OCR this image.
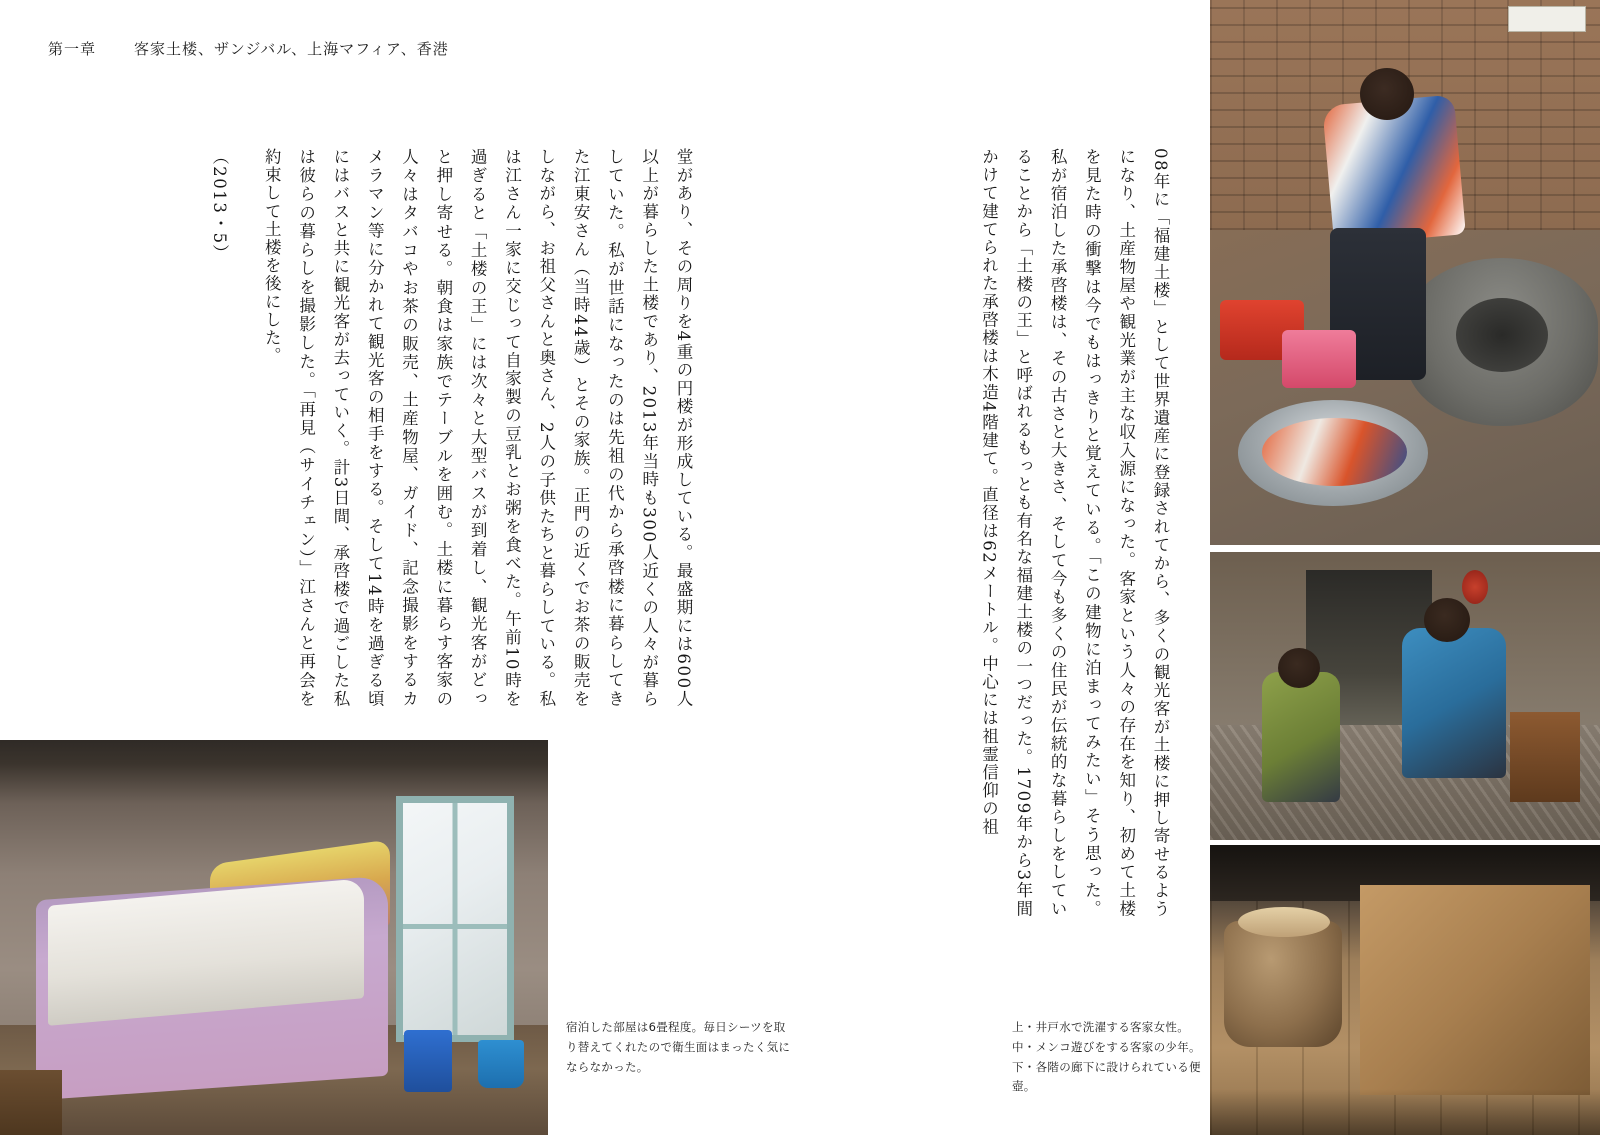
第一章	客家土楼、ザンジバル、上海マフィア、香港

08年に「福建土楼」として世界遺産に登録されてから、多くの観光客が土楼に押し寄せるようになり、土産物屋や観光業が主な収入源になった。客家という人々の存在を知り、初めて土楼を見た時の衝撃は今でもはっきりと覚えている。「この建物に泊まってみたい」そう思った。私が宿泊した承啓楼は、その古さと大きさ、そして今も多くの住民が伝統的な暮らしをしていることから「土楼の王」と呼ばれるもっとも有名な福建土楼の一つだった。1709年から3年間かけて建てられた承啓楼は木造4階建て。直径は62メートル。中心には祖霊信仰の祖

堂があり、その周りを4重の円楼が形成している。最盛期には600人以上が暮らした土楼であり、2013年当時も300人近くの人々が暮らしていた。私が世話になったのは先祖の代から承啓楼に暮らしてきた江東安さん（当時44歳）とその家族。正門の近くでお茶の販売をしながら、お祖父さんと奥さん、2人の子供たちと暮らしている。私は江さん一家に交じって自家製の豆乳とお粥を食べた。午前10時を過ぎると「土楼の王」には次々と大型バスが到着し、観光客がどっと押し寄せる。朝食は家族でテーブルを囲む。土楼に暮らす客家の人々はタバコやお茶の販売、土産物屋、ガイド、記念撮影をするカメラマン等に分かれて観光客の相手をする。そして14時を過ぎる頃にはバスと共に観光客が去っていく。計3日間、承啓楼で過ごした私は彼らの暮らしを撮影した。「再見（サイチェン）」江さんと再会を約束して土楼を後にした。

（2013・5）

宿泊した部屋は6畳程度。毎日シーツを取り替えてくれたので衛生面はまったく気にならなかった。
上・井戸水で洗濯する客家女性。中・メンコ遊びをする客家の少年。下・各階の廊下に設けられている便壺。
